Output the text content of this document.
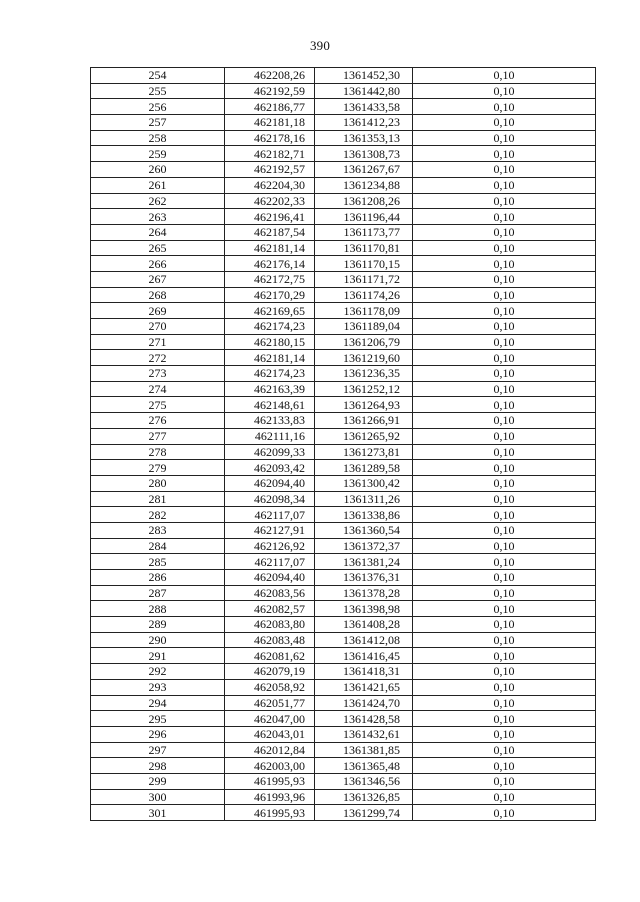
390
254	462208,26	1361452,30	0,10
255	462192,59	1361442,80	0,10
256	462186,77	1361433,58	0,10
257	462181,18	1361412,23	0,10
258	462178,16	1361353,13	0,10
259	462182,71	1361308,73	0,10
260	462192,57	1361267,67	0,10
261	462204,30	1361234,88	0,10
262	462202,33	1361208,26	0,10
263	462196,41	1361196,44	0,10
264	462187,54	1361173,77	0,10
265	462181,14	1361170,81	0,10
266	462176,14	1361170,15	0,10
267	462172,75	1361171,72	0,10
268	462170,29	1361174,26	0,10
269	462169,65	1361178,09	0,10
270	462174,23	1361189,04	0,10
271	462180,15	1361206,79	0,10
272	462181,14	1361219,60	0,10
273	462174,23	1361236,35	0,10
274	462163,39	1361252,12	0,10
275	462148,61	1361264,93	0,10
276	462133,83	1361266,91	0,10
277	462111,16	1361265,92	0,10
278	462099,33	1361273,81	0,10
279	462093,42	1361289,58	0,10
280	462094,40	1361300,42	0,10
281	462098,34	1361311,26	0,10
282	462117,07	1361338,86	0,10
283	462127,91	1361360,54	0,10
284	462126,92	1361372,37	0,10
285	462117,07	1361381,24	0,10
286	462094,40	1361376,31	0,10
287	462083,56	1361378,28	0,10
288	462082,57	1361398,98	0,10
289	462083,80	1361408,28	0,10
290	462083,48	1361412,08	0,10
291	462081,62	1361416,45	0,10
292	462079,19	1361418,31	0,10
293	462058,92	1361421,65	0,10
294	462051,77	1361424,70	0,10
295	462047,00	1361428,58	0,10
296	462043,01	1361432,61	0,10
297	462012,84	1361381,85	0,10
298	462003,00	1361365,48	0,10
299	461995,93	1361346,56	0,10
300	461993,96	1361326,85	0,10
301	461995,93	1361299,74	0,10
